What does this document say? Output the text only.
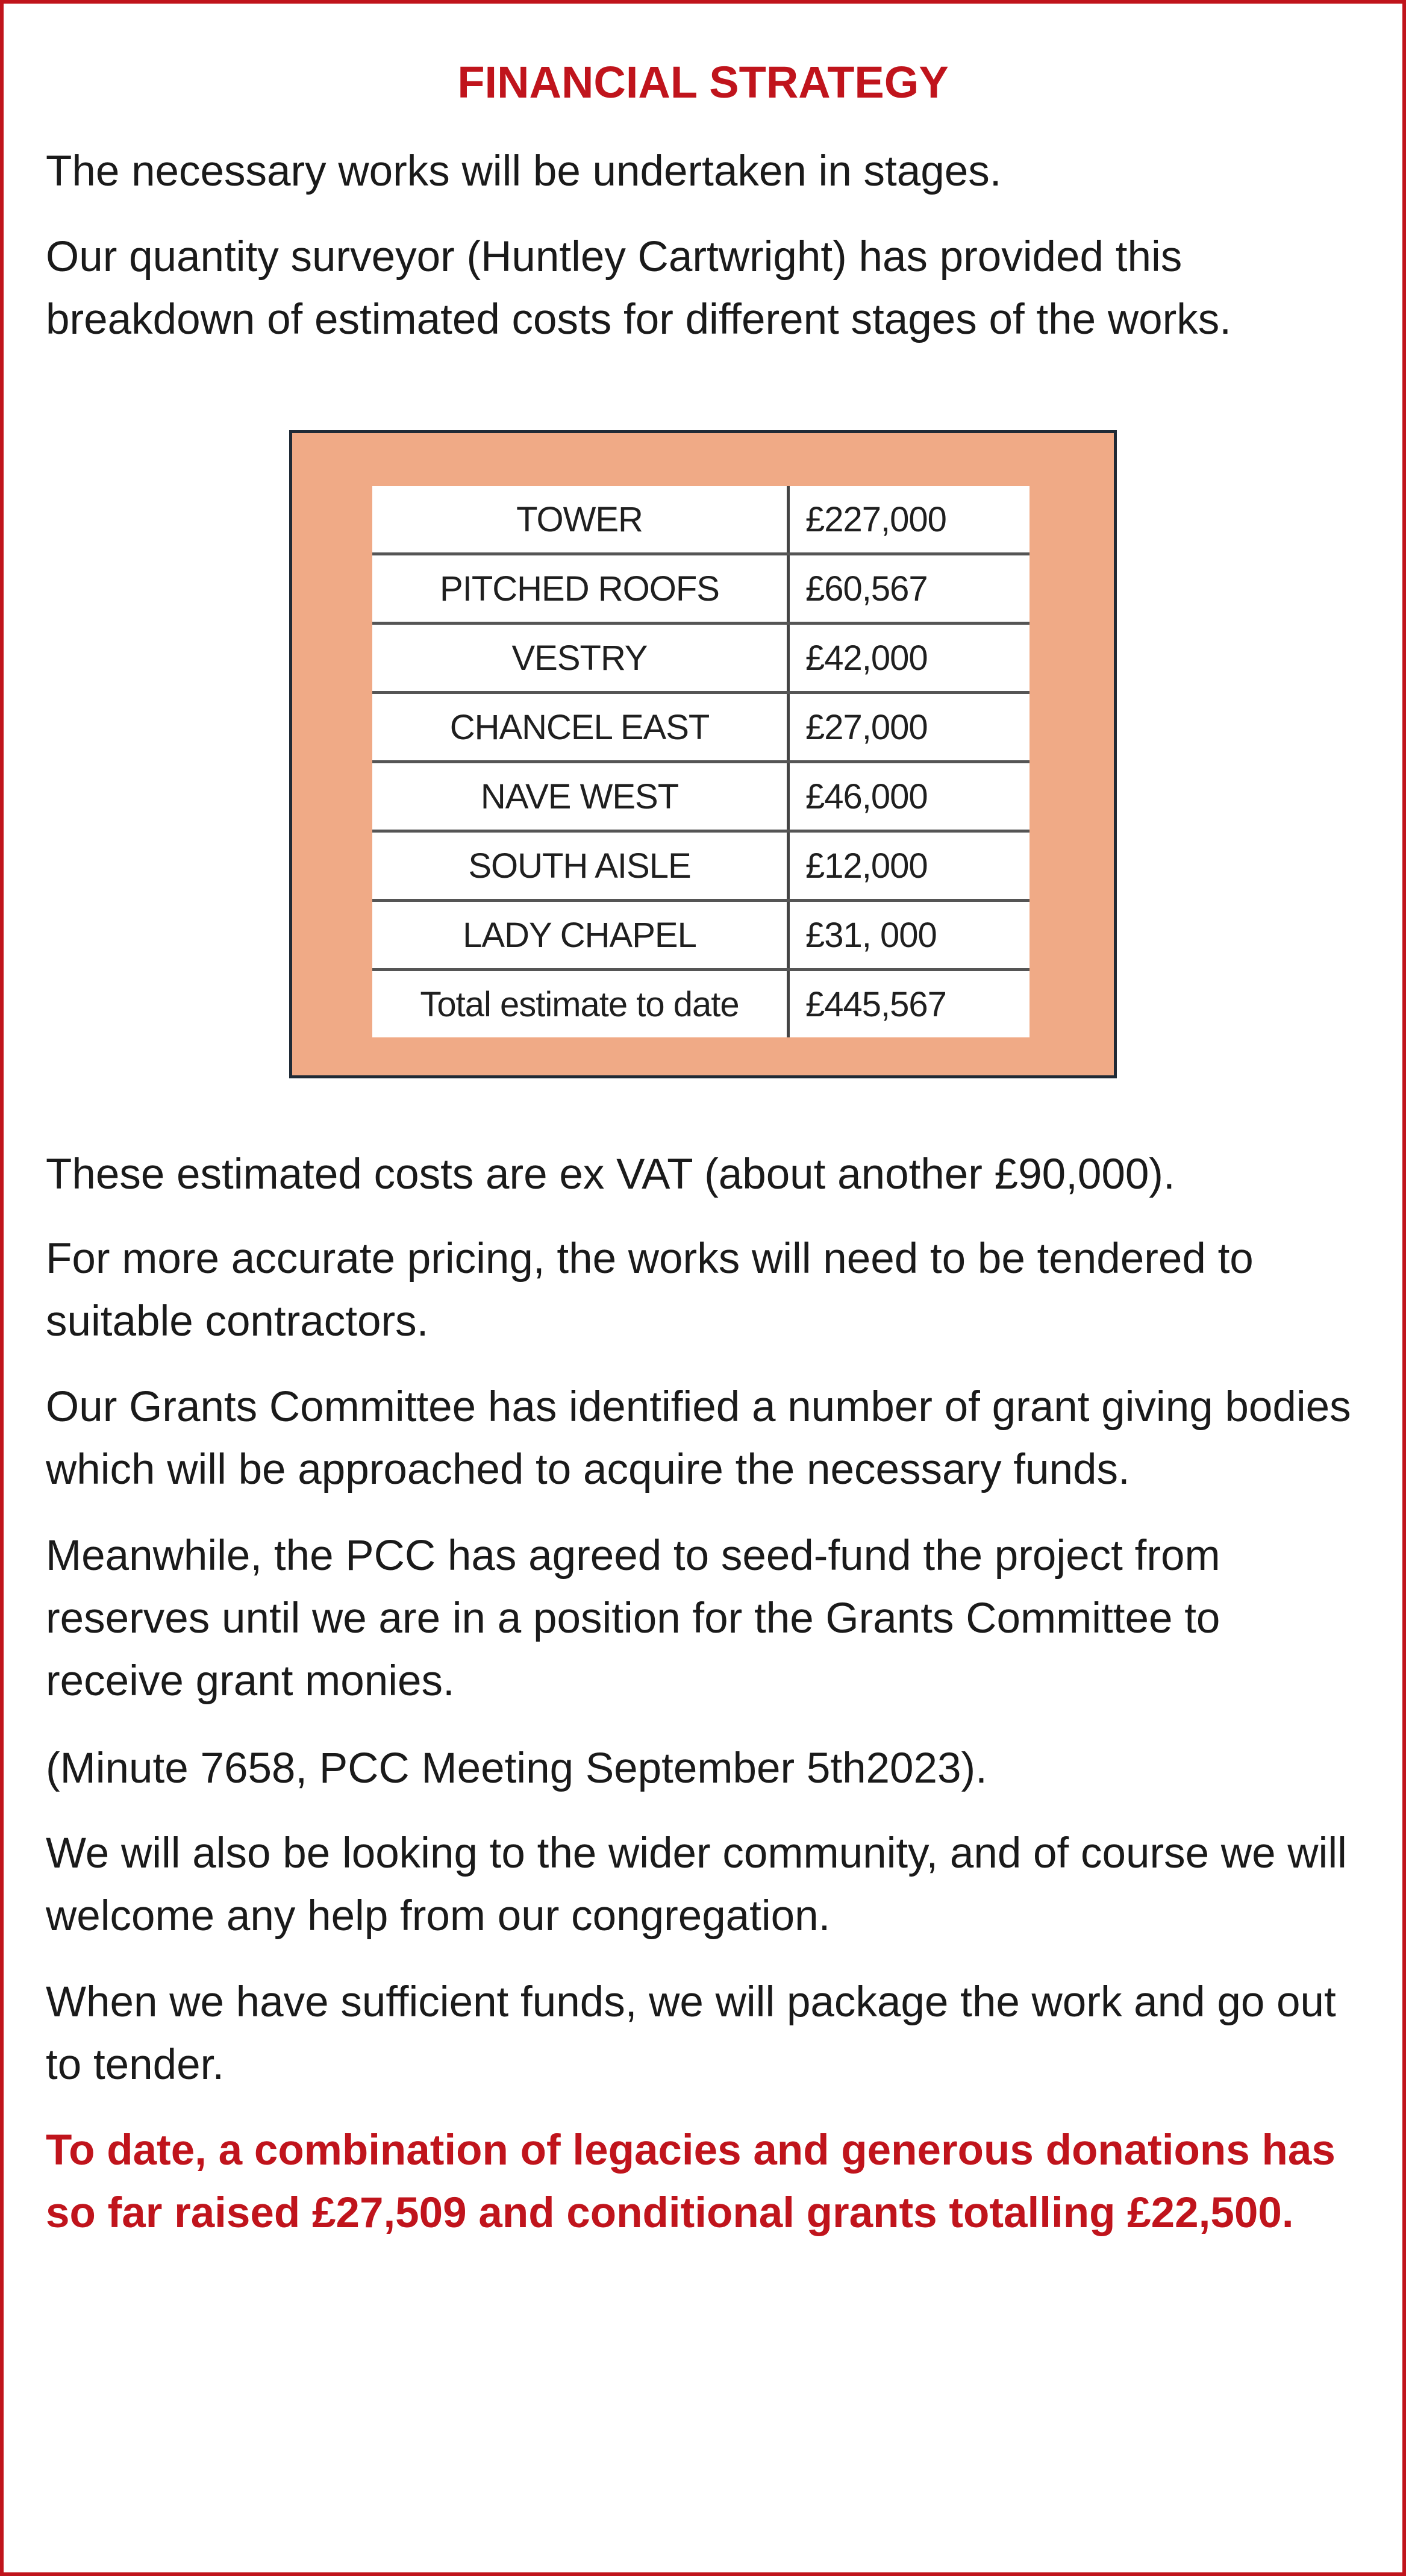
FINANCIAL STRATEGY

The necessary works will be undertaken in stages.

Our quantity surveyor (Huntley Cartwright) has provided this breakdown of estimated costs for different stages of the works.

TOWER	£227,000
PITCHED ROOFS	£60,567
VESTRY	£42,000
CHANCEL EAST	£27,000
NAVE WEST	£46,000
SOUTH AISLE	£12,000
LADY CHAPEL	£31, 000
Total estimate to date	£445,567

These estimated costs are ex VAT (about another £90,000).

For more accurate pricing, the works will need to be tendered to suitable contractors.

Our Grants Committee has identified a number of grant giving bodies which will be approached to acquire the necessary funds.

Meanwhile, the PCC has agreed to seed-fund the project from reserves until we are in a position for the Grants Committee to receive grant monies.

(Minute 7658, PCC Meeting September 5th2023).

We will also be looking to the wider community, and of course we will welcome any help from our congregation.

When we have sufficient funds, we will package the work and go out to tender.

To date, a combination of legacies and generous donations has so far raised £27,509 and conditional grants totalling £22,500.
